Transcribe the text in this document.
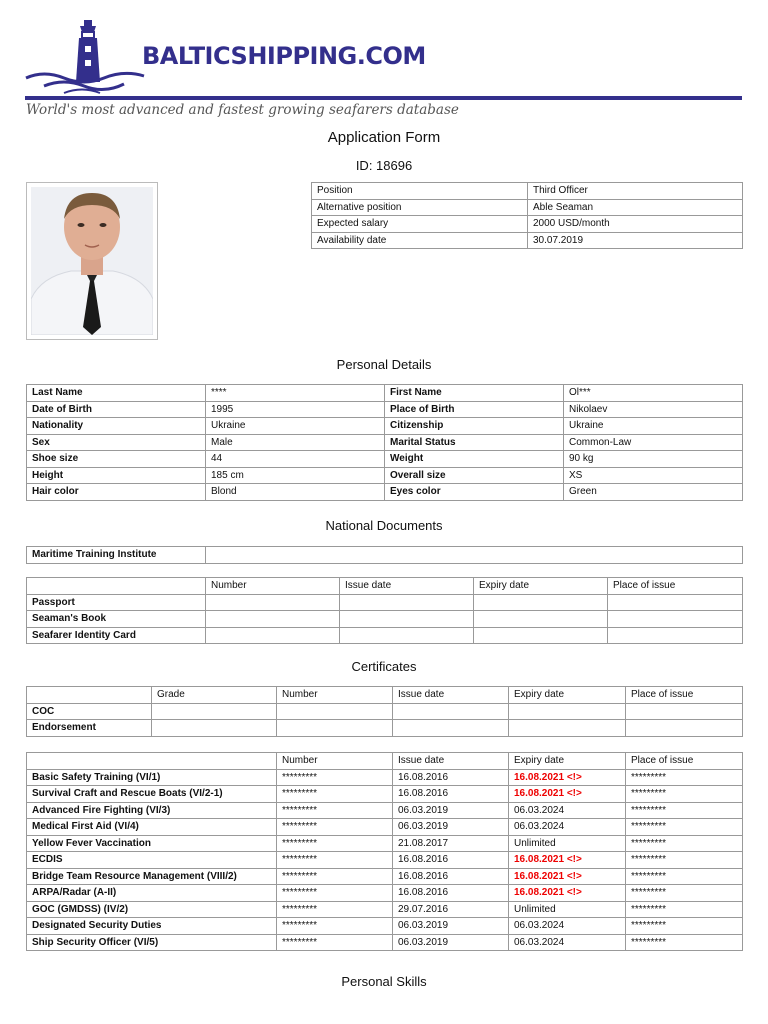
BALTICSHIPPING.COM
World's most advanced and fastest growing seafarers database
Application Form
ID: 18696
Position	Third Officer
Alternative position	Able Seaman
Expected salary	2000 USD/month
Availability date	30.07.2019
Personal Details
Last Name	****	First Name	Ol***
Date of Birth	1995	Place of Birth	Nikolaev
Nationality	Ukraine	Citizenship	Ukraine
Sex	Male	Marital Status	Common-Law
Shoe size	44	Weight	90 kg
Height	185 cm	Overall size	XS
Hair color	Blond	Eyes color	Green
National Documents
Maritime Training Institute	
	Number	Issue date	Expiry date	Place of issue
Passport				
Seaman's Book				
Seafarer Identity Card				
Certificates
	Grade	Number	Issue date	Expiry date	Place of issue
COC					
Endorsement					
	Number	Issue date	Expiry date	Place of issue
Basic Safety Training (VI/1)	*********	16.08.2016	16.08.2021 <!>	*********
Survival Craft and Rescue Boats (VI/2-1)	*********	16.08.2016	16.08.2021 <!>	*********
Advanced Fire Fighting (VI/3)	*********	06.03.2019	06.03.2024	*********
Medical First Aid (VI/4)	*********	06.03.2019	06.03.2024	*********
Yellow Fever Vaccination	*********	21.08.2017	Unlimited	*********
ECDIS	*********	16.08.2016	16.08.2021 <!>	*********
Bridge Team Resource Management (VIII/2)	*********	16.08.2016	16.08.2021 <!>	*********
ARPA/Radar (A-II)	*********	16.08.2016	16.08.2021 <!>	*********
GOC (GMDSS) (IV/2)	*********	29.07.2016	Unlimited	*********
Designated Security Duties	*********	06.03.2019	06.03.2024	*********
Ship Security Officer (VI/5)	*********	06.03.2019	06.03.2024	*********
Personal Skills
